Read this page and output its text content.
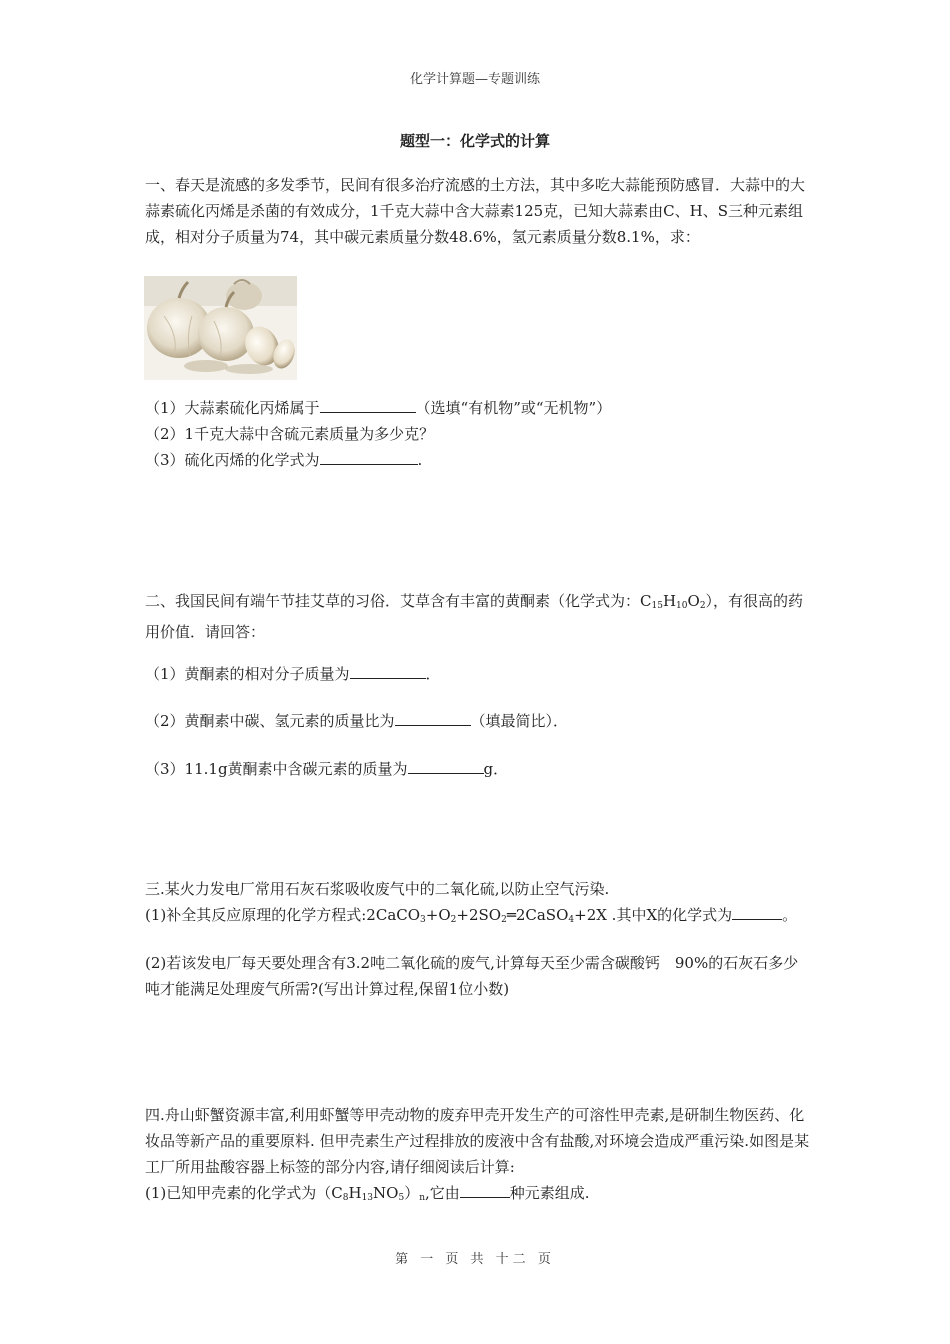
化学计算题—专题训练
题型一：化学式的计算
一、春天是流感的多发季节，民间有很多治疗流感的土方法，其中多吃大蒜能预防感冒．大蒜中的大蒜素硫化丙烯是杀菌的有效成分，1千克大蒜中含大蒜素125克，已知大蒜素由C、H、S三种元素组成，相对分子质量为74，其中碳元素质量分数48.6%，氢元素质量分数8.1%，求：
（1）大蒜素硫化丙烯属于	（选填“有机物”或“无机物”）
（2）1千克大蒜中含硫元素质量为多少克？
（3）硫化丙烯的化学式为	.
二、我国民间有端午节挂艾草的习俗．艾草含有丰富的黄酮素（化学式为：$C_{15}H_{10}O_2$），有很高的药用价值．请回答：
（1）黄酮素的相对分子质量为	．
（2）黄酮素中碳、氢元素的质量比为	（填最简比）．
（3）11.1g黄酮素中含碳元素的质量为	g．
三.某火力发电厂常用石灰石浆吸收废气中的二氧化硫,以防止空气污染.
(1)补全其反应原理的化学方程式$:2CaCO_3+O_2+2SO_2═2CaSO_4+2X$ .其中X的化学式为	。
(2)若该发电厂每天要处理含有3.2吨二氧化硫的废气,计算每天至少需含碳酸钙　90%的石灰石多少吨才能满足处理废气所需?(写出计算过程,保留1位小数)
四.舟山虾蟹资源丰富,利用虾蟹等甲壳动物的废弃甲壳开发生产的可溶性甲壳素,是研制生物医药、化妆品等新产品的重要原料. 但甲壳素生产过程排放的废液中含有盐酸,对环境会造成严重污染.如图是某工厂所用盐酸容器上标签的部分内容,请仔细阅读后计算:
(1)已知甲壳素的化学式为$(C_8H_{13}NO_5)_n$,它由	种元素组成.
第 一 页 共 十二 页
